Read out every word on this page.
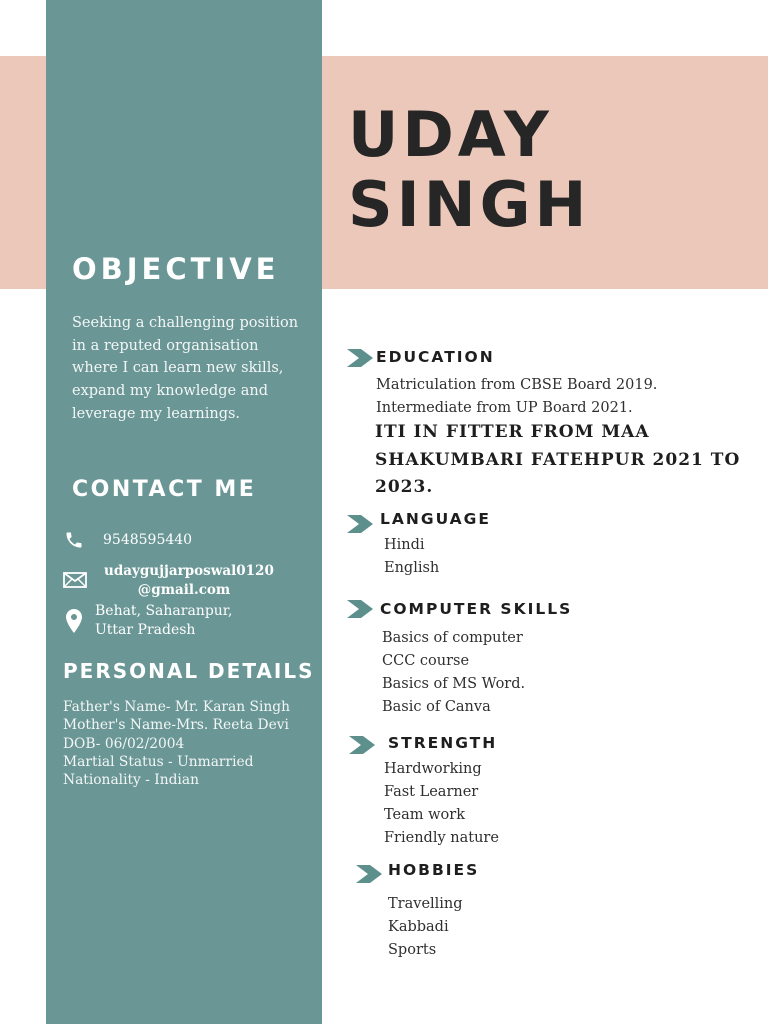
UDAY
SINGH
OBJECTIVE
Seeking a challenging position
in a reputed organisation
where I can learn new skills,
expand my knowledge and
leverage my learnings.
CONTACT ME
9548595440
udaygujjarposwal0120
@gmail.com
Behat, Saharanpur,
Uttar Pradesh
PERSONAL DETAILS
Father's Name- Mr. Karan Singh
Mother's Name-Mrs. Reeta Devi
DOB- 06/02/2004
Martial Status - Unmarried
Nationality - Indian
EDUCATION
Matriculation from CBSE Board 2019.
Intermediate from UP Board 2021.
ITI IN FITTER FROM MAA SHAKUMBARI FATEHPUR 2021 TO 2023.
LANGUAGE
Hindi
English
COMPUTER SKILLS
Basics of computer
CCC course
Basics of MS Word.
Basic of Canva
STRENGTH
Hardworking
Fast Learner
Team work
Friendly nature
HOBBIES
Travelling
Kabbadi
Sports
